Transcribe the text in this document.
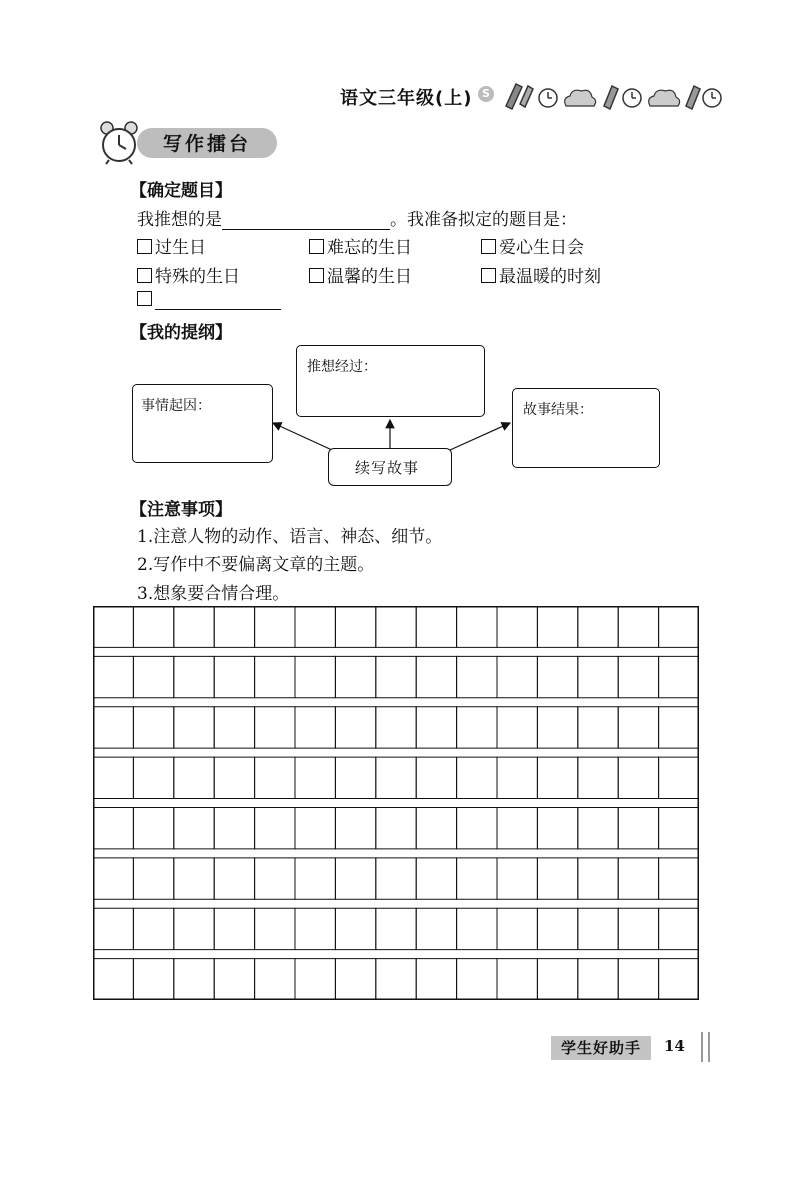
语文三年级(上) S
写作擂台
【确定题目】
我推想的是	。我准备拟定的题目是：
过生日	难忘的生日	爱心生日会
特殊的生日	温馨的生日	最温暖的时刻
【我的提纲】
事情起因：
推想经过：
故事结果：
续写故事
【注意事项】
1.注意人物的动作、语言、神态、细节。
2.写作中不要偏离文章的主题。
3.想象要合情合理。
学生好助手	14
